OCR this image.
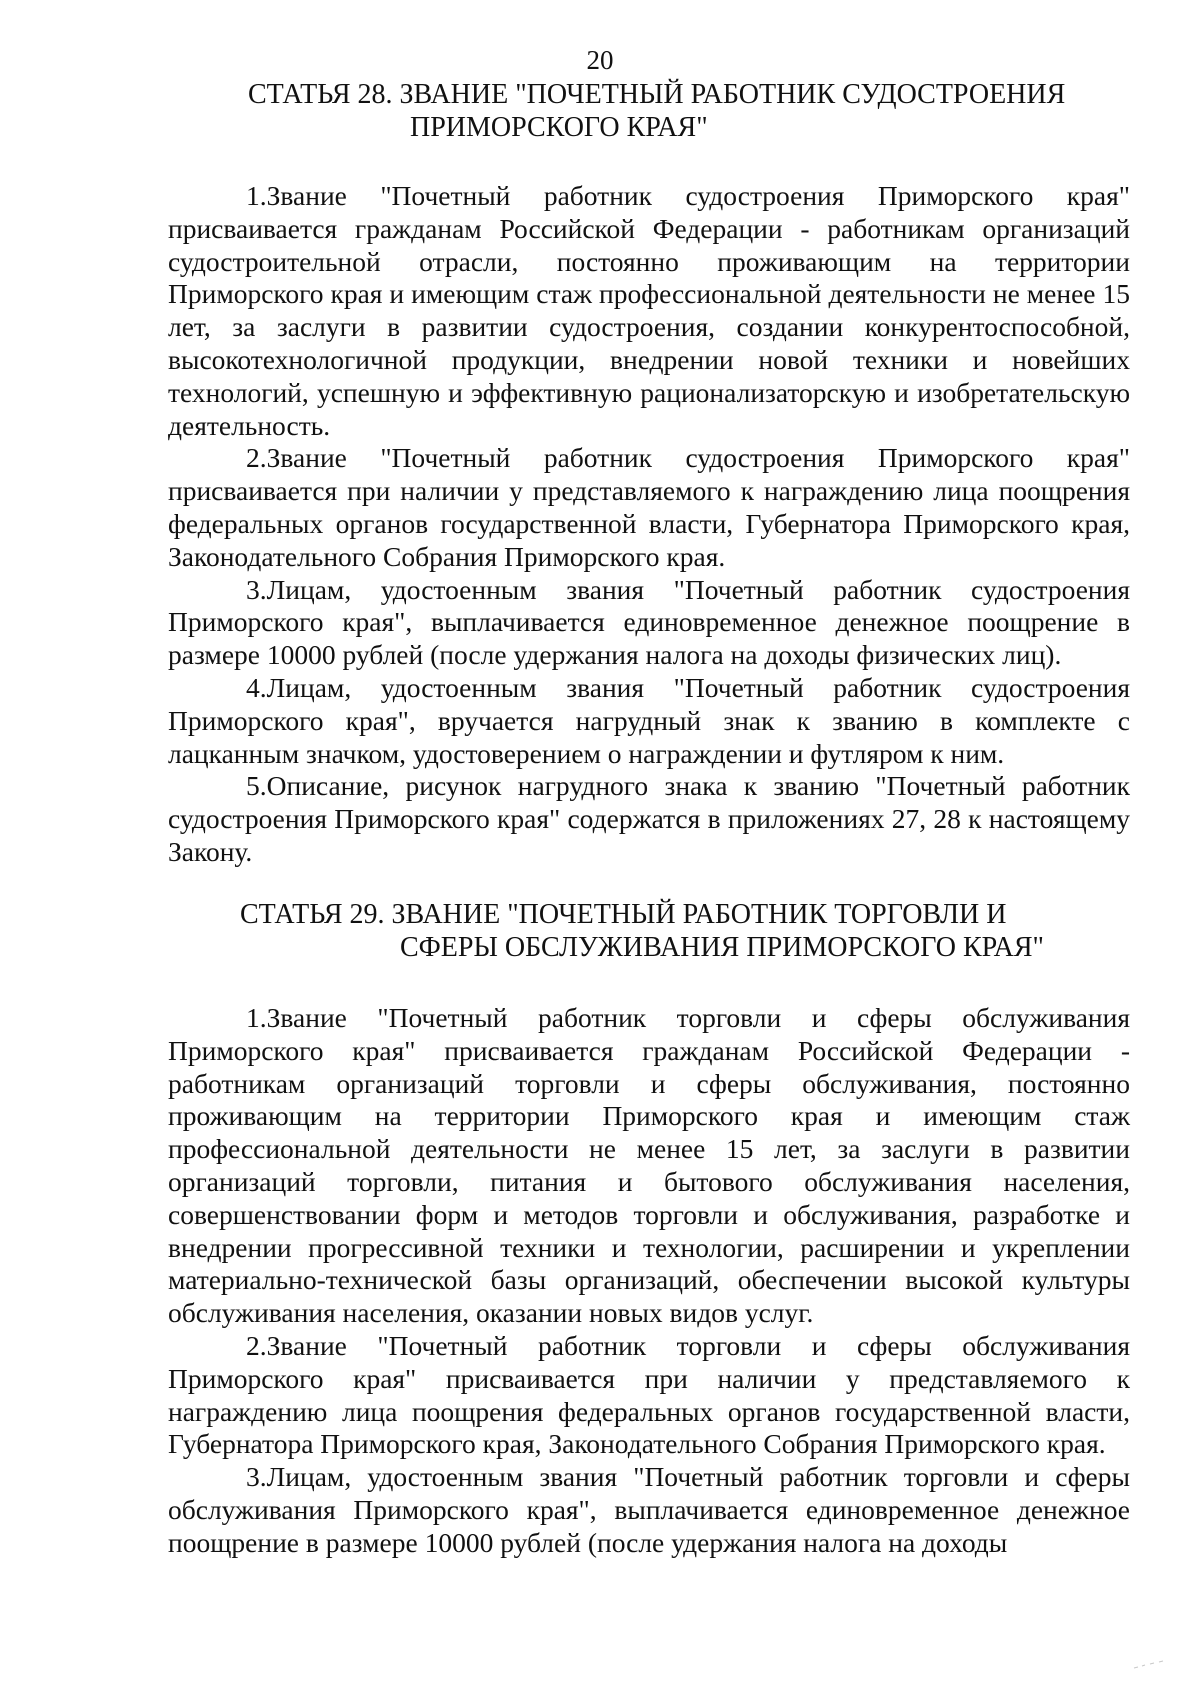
20
СТАТЬЯ 28. ЗВАНИЕ "ПОЧЕТНЫЙ РАБОТНИК СУДОСТРОЕНИЯ
ПРИМОРСКОГО КРАЯ"

1.Звание "Почетный работник судостроения Приморского края" присваивается гражданам Российской Федерации - работникам организаций судостроительной отрасли, постоянно проживающим на территории Приморского края и имеющим стаж профессиональной деятельности не менее 15 лет, за заслуги в развитии судостроения, создании конкурентоспособной, высокотехнологичной продукции, внедрении новой техники и новейших технологий, успешную и эффективную рационализаторскую и изобретательскую деятельность.

2.Звание "Почетный работник судостроения Приморского края" присваивается при наличии у представляемого к награждению лица поощрения федеральных органов государственной власти, Губернатора Приморского края, Законодательного Собрания Приморского края.

3.Лицам, удостоенным звания "Почетный работник судостроения Приморского края", выплачивается единовременное денежное поощрение в размере 10000 рублей (после удержания налога на доходы физических лиц).

4.Лицам, удостоенным звания "Почетный работник судостроения Приморского края", вручается нагрудный знак к званию в комплекте с лацканным значком, удостоверением о награждении и футляром к ним.

5.Описание, рисунок нагрудного знака к званию "Почетный работник судостроения Приморского края" содержатся в приложениях 27, 28 к настоящему Закону.

СТАТЬЯ 29. ЗВАНИЕ "ПОЧЕТНЫЙ РАБОТНИК ТОРГОВЛИ И
СФЕРЫ ОБСЛУЖИВАНИЯ ПРИМОРСКОГО КРАЯ"

1.Звание "Почетный работник торговли и сферы обслуживания Приморского края" присваивается гражданам Российской Федерации - работникам организаций торговли и сферы обслуживания, постоянно проживающим на территории Приморского края и имеющим стаж профессиональной деятельности не менее 15 лет, за заслуги в развитии организаций торговли, питания и бытового обслуживания населения, совершенствовании форм и методов торговли и обслуживания, разработке и внедрении прогрессивной техники и технологии, расширении и укреплении материально-технической базы организаций, обеспечении высокой культуры обслуживания населения, оказании новых видов услуг.

2.Звание "Почетный работник торговли и сферы обслуживания Приморского края" присваивается при наличии у представляемого к награждению лица поощрения федеральных органов государственной власти, Губернатора Приморского края, Законодательного Собрания Приморского края.

3.Лицам, удостоенным звания "Почетный работник торговли и сферы обслуживания Приморского края", выплачивается единовременное денежное поощрение в размере 10000 рублей (после удержания налога на доходы
